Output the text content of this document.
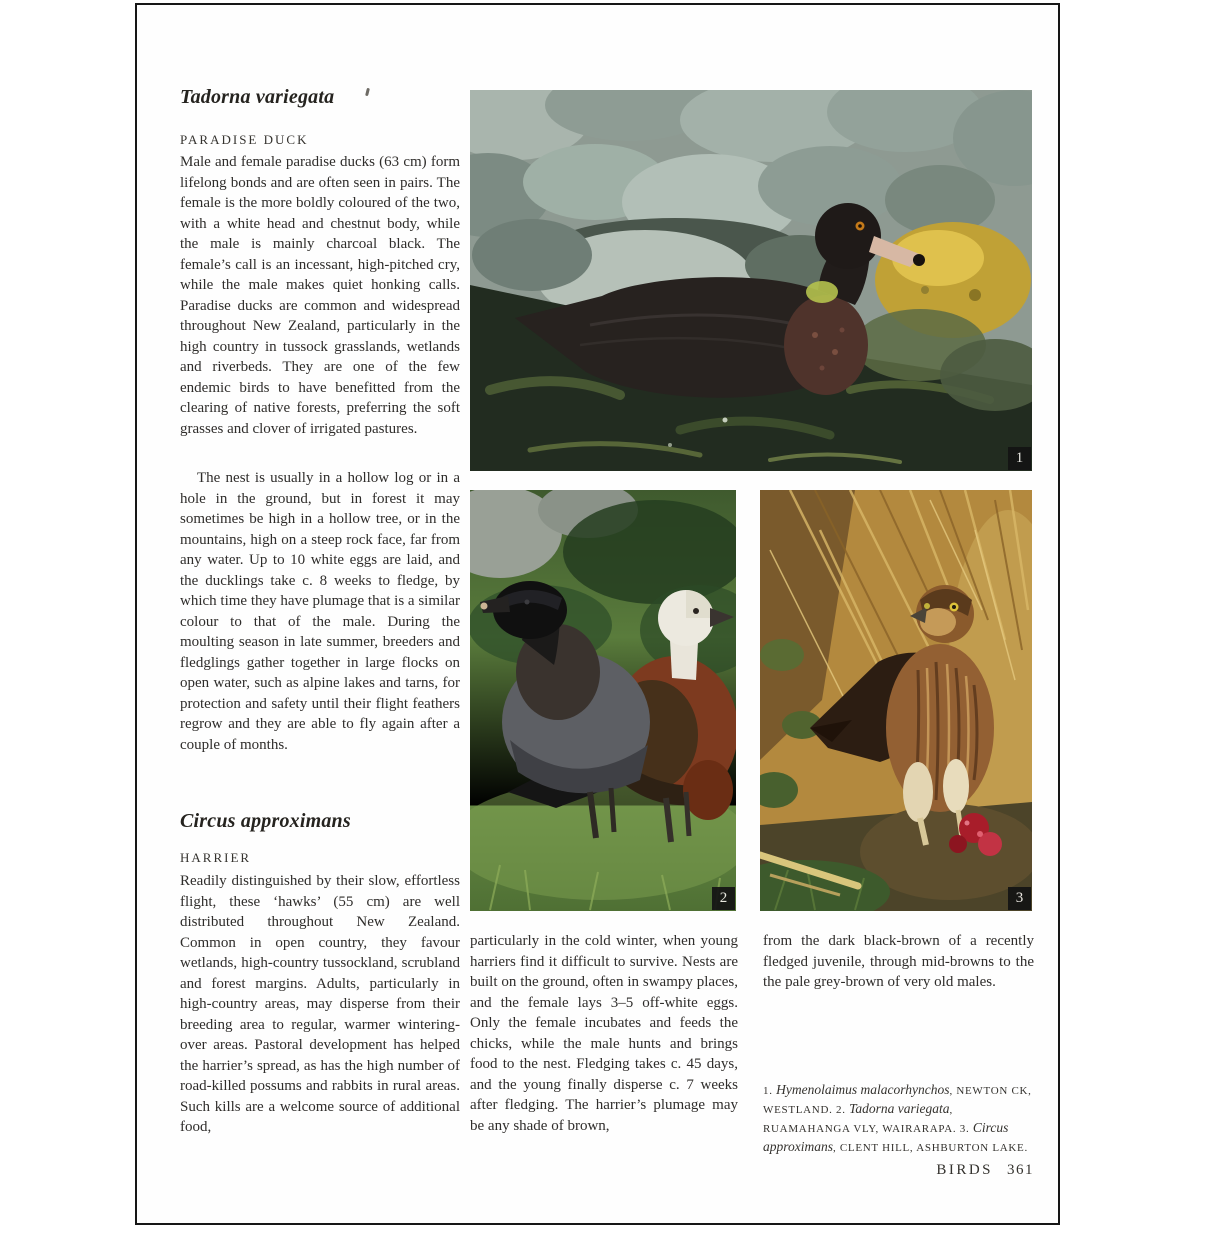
Tadorna variegata
PARADISE DUCK

Male and female paradise ducks (63 cm) form lifelong bonds and are often seen in pairs. The female is the more boldly coloured of the two, with a white head and chestnut body, while the male is mainly charcoal black. The female’s call is an incessant, high-pitched cry, while the male makes quiet honking calls. Paradise ducks are common and widespread throughout New Zealand, particularly in the high country in tussock grasslands, wetlands and riverbeds. They are one of the few endemic birds to have benefitted from the clearing of native forests, preferring the soft grasses and clover of irrigated pastures.

The nest is usually in a hollow log or in a hole in the ground, but in forest it may sometimes be high in a hollow tree, or in the mountains, high on a steep rock face, far from any water. Up to 10 white eggs are laid, and the ducklings take c. 8 weeks to fledge, by which time they have plumage that is a similar colour to that of the male. During the moulting season in late summer, breeders and fledglings gather together in large flocks on open water, such as alpine lakes and tarns, for protection and safety until their flight feathers regrow and they are able to fly again after a couple of months.

Circus approximans
HARRIER

Readily distinguished by their slow, effortless flight, these ‘hawks’ (55 cm) are well distributed throughout New Zealand. Common in open country, they favour wetlands, high-country tussockland, scrubland and forest margins. Adults, particularly in high-country areas, may disperse from their breeding area to regular, warmer wintering-over areas. Pastoral development has helped the harrier’s spread, as has the high number of road-killed possums and rabbits in rural areas. Such kills are a welcome source of additional food,

1
2	3

particularly in the cold winter, when young harriers find it difficult to survive. Nests are built on the ground, often in swampy places, and the female lays 3–5 off-white eggs. Only the female incubates and feeds the chicks, while the male hunts and brings food to the nest. Fledging takes c. 45 days, and the young finally disperse c. 7 weeks after fledging. The harrier’s plumage may be any shade of brown,

from the dark black-brown of a recently fledged juvenile, through mid-browns to the the pale grey-brown of very old males.

1. Hymenolaimus malacorhynchos, NEWTON CK, WESTLAND. 2. Tadorna variegata, RUAMAHANGA VLY, WAIRARAPA. 3. Circus approximans, CLENT HILL, ASHBURTON LAKE.

BIRDS 361
